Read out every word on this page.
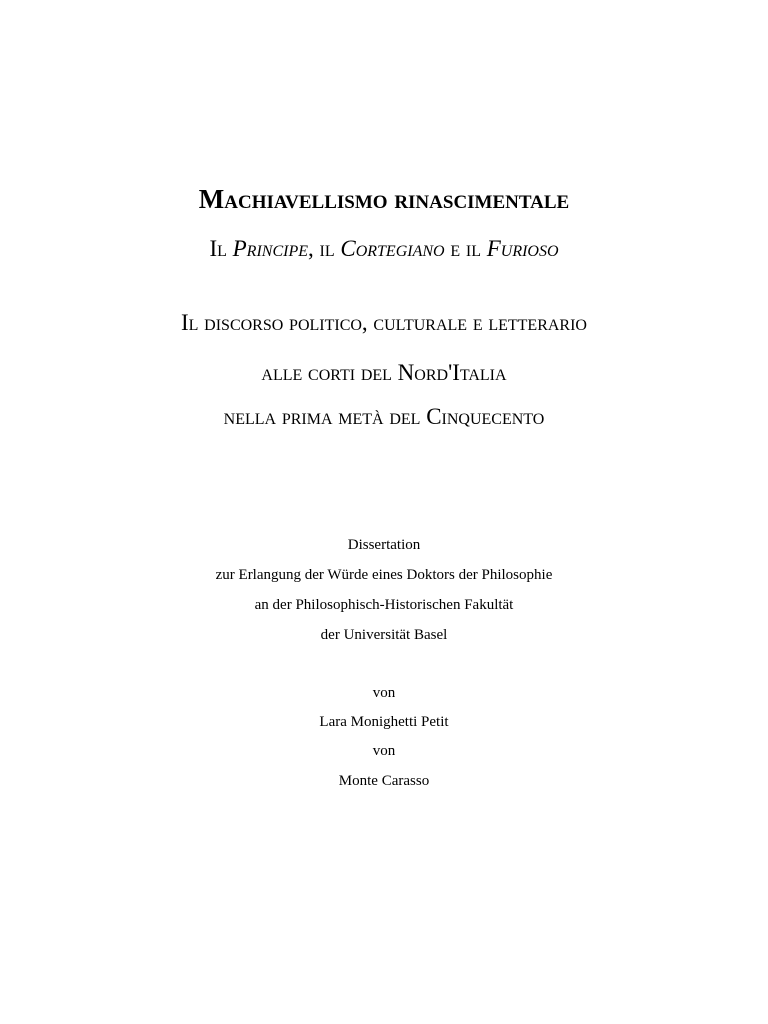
Machiavellismo rinascimentale
Il Principe, il Cortegiano e il Furioso
Il discorso politico, culturale e letterario
alle corti del Nord'Italia
nella prima metà del Cinquecento
Dissertation
zur Erlangung der Würde eines Doktors der Philosophie
an der Philosophisch-Historischen Fakultät
der Universität Basel
von
Lara Monighetti Petit
von
Monte Carasso
